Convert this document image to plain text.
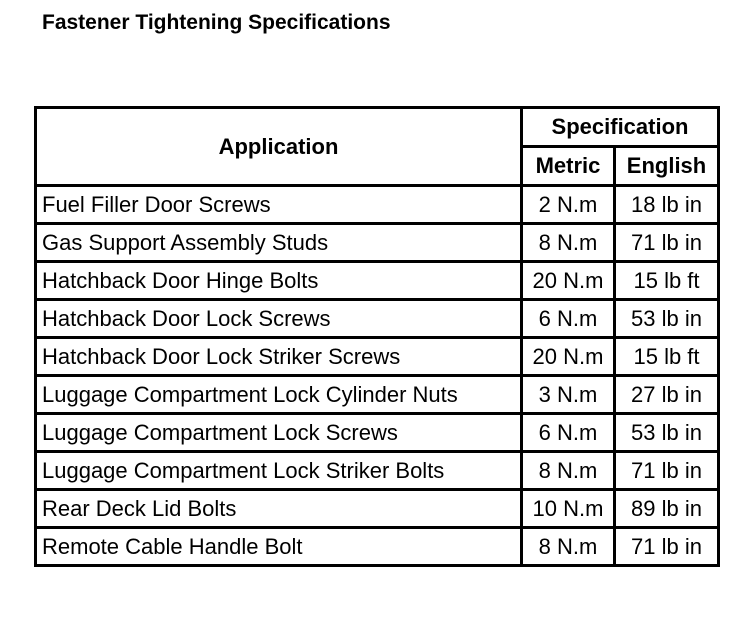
Fastener Tightening Specifications
Application	Specification	
	Metric	English
Fuel Filler Door Screws	2 N.m	18 lb in
Gas Support Assembly Studs	8 N.m	71 lb in
Hatchback Door Hinge Bolts	20 N.m	15 lb ft
Hatchback Door Lock Screws	6 N.m	53 lb in
Hatchback Door Lock Striker Screws	20 N.m	15 lb ft
Luggage Compartment Lock Cylinder Nuts	3 N.m	27 lb in
Luggage Compartment Lock Screws	6 N.m	53 lb in
Luggage Compartment Lock Striker Bolts	8 N.m	71 lb in
Rear Deck Lid Bolts	10 N.m	89 lb in
Remote Cable Handle Bolt	8 N.m	71 lb in
